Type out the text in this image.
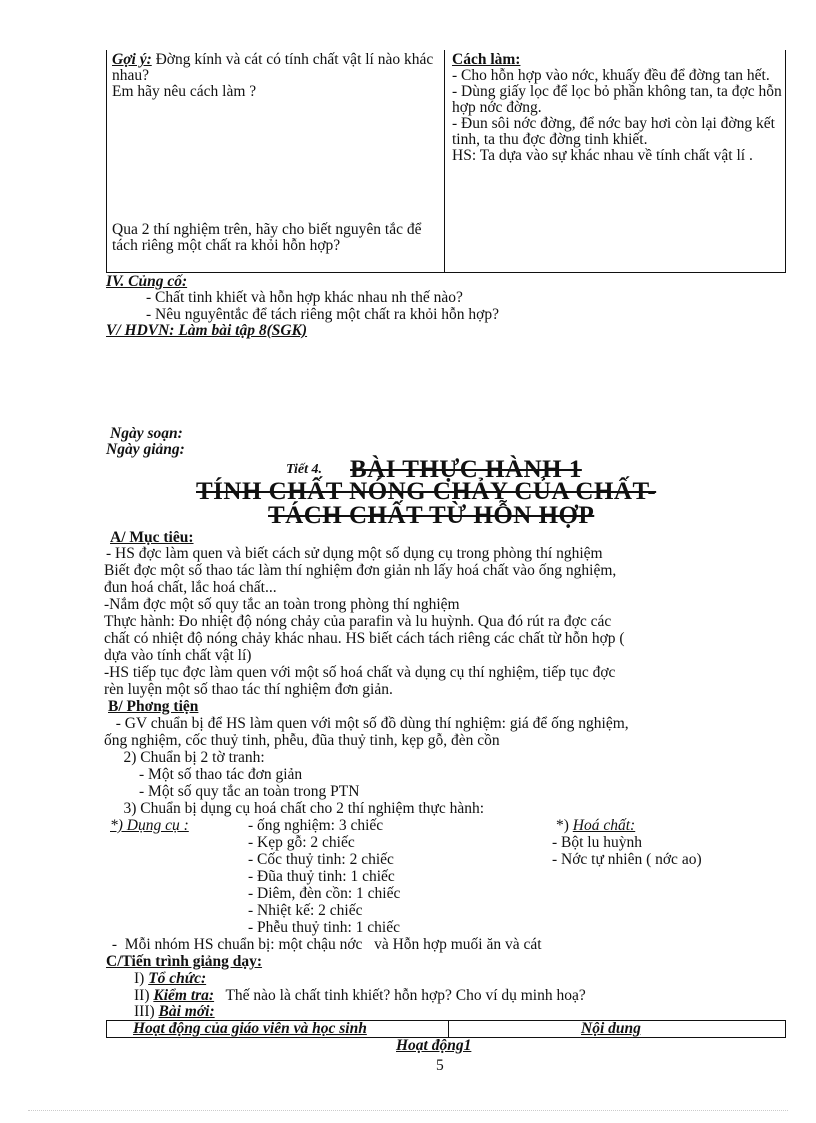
Gợi ý: Đờng kính và cát có tính chất vật lí nào khác nhau?
Em hãy nêu cách làm ?
Qua 2 thí nghiệm trên, hãy cho biết nguyên tắc để tách riêng một chất ra khỏi hỗn hợp?
Cách làm:
- Cho hỗn hợp vào nớc, khuấy đều để đờng tan hết.
- Dùng giấy lọc để lọc bỏ phần không tan, ta đợc hỗn hợp nớc đờng.
- Đun sôi nớc đờng, để nớc bay hơi còn lại đờng kết tinh, ta thu đợc đờng tinh khiết.
HS: Ta dựa vào sự khác nhau về tính chất vật lí .
IV. Củng cố:
- Chất tinh khiết và hỗn hợp khác nhau nh thế nào?
- Nêu nguyêntắc để tách riêng một chất ra khỏi hỗn hợp?
V/ HDVN: Làm bài tập 8(SGK)
Ngày soạn:
Ngày giảng:
Tiết 4. BÀI THỰC HÀNH 1
TÍNH CHẤT NÓNG CHẢY CỦA CHẤT-
TÁCH CHẤT TỪ HỖN HỢP
A/ Mục tiêu:
- HS đợc làm quen và biết cách sử dụng một số dụng cụ trong phòng thí nghiệm
Biết đợc một số thao tác làm thí nghiệm đơn giản nh lấy hoá chất vào ống nghiệm,
đun hoá chất, lắc hoá chất...
-Nắm đợc một số quy tắc an toàn trong phòng thí nghiệm
Thực hành: Đo nhiệt độ nóng chảy của parafin và lu huỳnh. Qua đó rút ra đợc các
chất có nhiệt độ nóng chảy khác nhau. HS biết cách tách riêng các chất từ hỗn hợp (
dựa vào tính chất vật lí)
-HS tiếp tục đợc làm quen với một số hoá chất và dụng cụ thí nghiệm, tiếp tục đợc
rèn luyện một số thao tác thí nghiệm đơn giản.
B/ Phơng tiện
- GV chuẩn bị để HS làm quen với một số đồ dùng thí nghiệm: giá để ống nghiệm,
ống nghiệm, cốc thuỷ tinh, phễu, đũa thuỷ tinh, kẹp gỗ, đèn cồn
2) Chuẩn bị 2 tờ tranh:
- Một số thao tác đơn giản
- Một số quy tắc an toàn trong PTN
3) Chuẩn bị dụng cụ hoá chất cho 2 thí nghiệm thực hành:
*) Dụng cụ :	- ống nghiệm: 3 chiếc
- Kẹp gỗ: 2 chiếc
- Cốc thuỷ tinh: 2 chiếc
- Đũa thuỷ tinh: 1 chiếc
- Diêm, đèn cồn: 1 chiếc
- Nhiệt kế: 2 chiếc
- Phễu thuỷ tinh: 1 chiếc
*) Hoá chất:
- Bột lu huỳnh
- Nớc tự nhiên ( nớc ao)
-  Mỗi nhóm HS chuẩn bị: một chậu nớc   và Hỗn hợp muối ăn và cát
C/Tiến trình giảng dạy:
I) Tổ chức:
II) Kiểm tra:   Thế nào là chất tinh khiết? hỗn hợp? Cho ví dụ minh hoạ?
III) Bài mới:
Hoạt động của giáo viên và học sinh	Nội dung
Hoạt động1
5
